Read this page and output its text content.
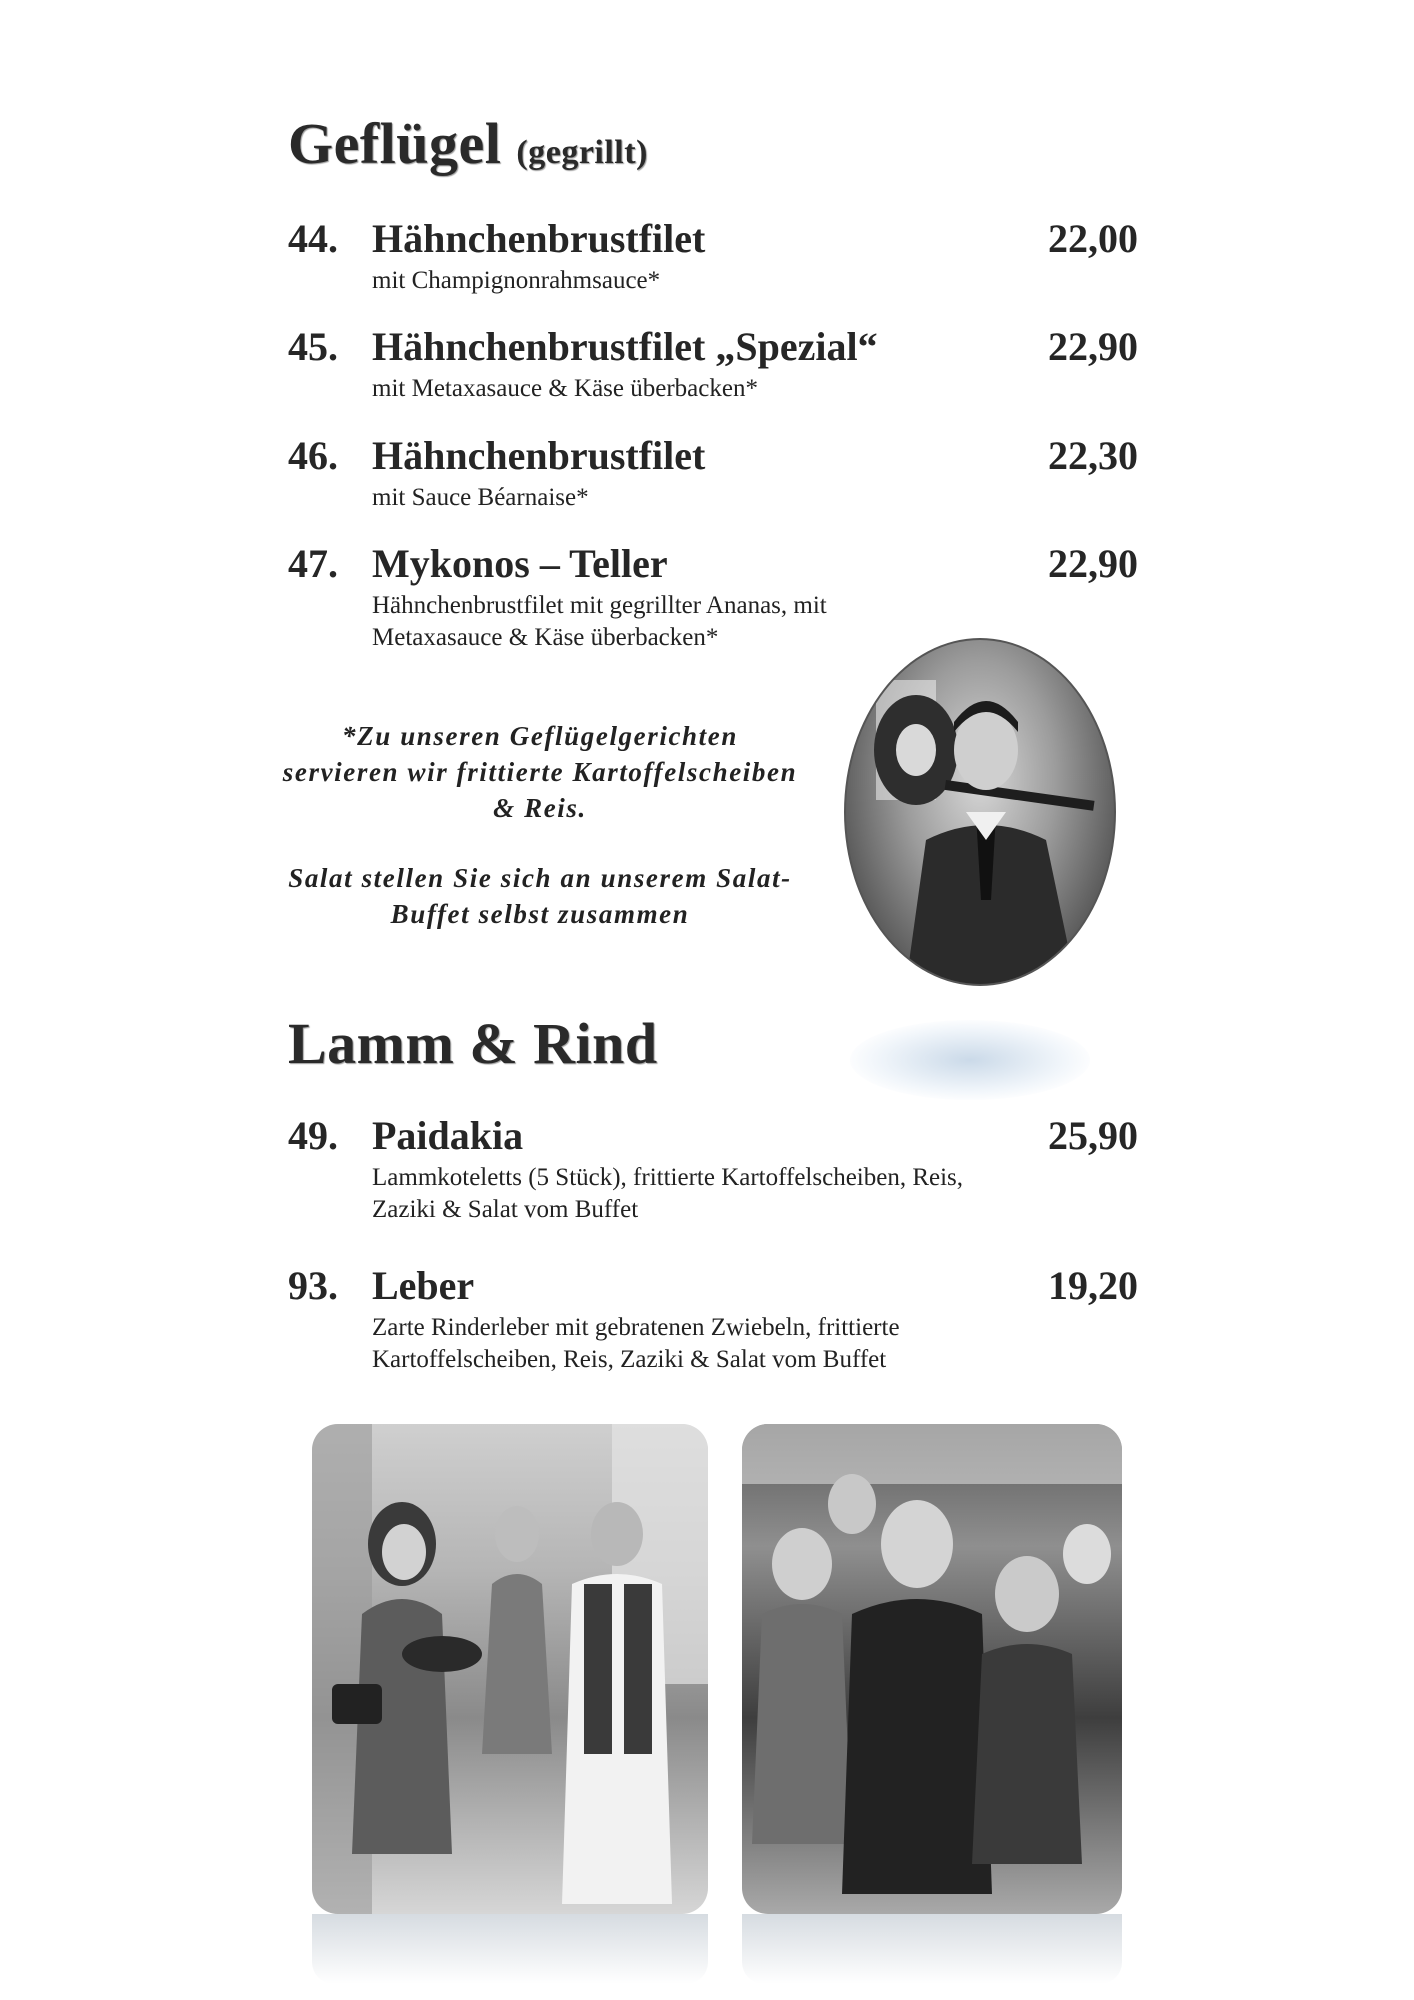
Geflügel (gegrillt)
44. Hähnchenbrustfilet	22,00
mit Champignonrahmsauce*
45. Hähnchenbrustfilet „Spezial“	22,90
mit Metaxasauce & Käse überbacken*
46. Hähnchenbrustfilet	22,30
mit Sauce Béarnaise*
47. Mykonos – Teller	22,90
Hähnchenbrustfilet mit gegrillter Ananas, mit Metaxasauce & Käse überbacken*
*Zu unseren Geflügelgerichten servieren wir frittierte Kartoffelscheiben & Reis.
Salat stellen Sie sich an unserem Salat-Buffet selbst zusammen
Lamm & Rind
49. Paidakia	25,90
Lammkoteletts (5 Stück), frittierte Kartoffelscheiben, Reis, Zaziki & Salat vom Buffet
93. Leber	19,20
Zarte Rinderleber mit gebratenen Zwiebeln, frittierte Kartoffelscheiben, Reis, Zaziki & Salat vom Buffet
